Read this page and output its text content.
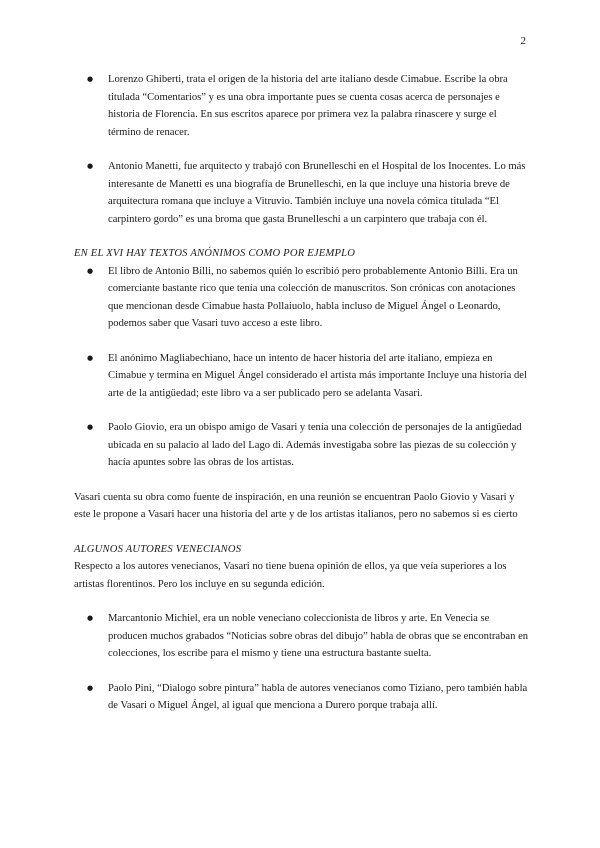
2
● Lorenzo Ghiberti, trata el origen de la historia del arte italiano desde Cimabue. Escribe la obra titulada “Comentarios” y es una obra importante pues se cuenta cosas acerca de personajes e historia de Florencia. En sus escritos aparece por primera vez la palabra rinascere y surge el término de renacer.
● Antonio Manetti, fue arquitecto y trabajó con Brunelleschi en el Hospital de los Inocentes. Lo más interesante de Manetti es una biografía de Brunelleschi, en la que incluye una historia breve de arquitectura romana que incluye a Vitruvio. También incluye una novela cómica titulada “El carpintero gordo” es una broma que gasta Brunelleschi a un carpintero que trabaja con él.

EN EL XVI HAY TEXTOS ANÓNIMOS COMO POR EJEMPLO

● El libro de Antonio Billi, no sabemos quién lo escribió pero probablemente Antonio Billi. Era un comerciante bastante rico que tenía una colección de manuscritos. Son crónicas con anotaciones que mencionan desde Cimabue hasta Pollaiuolo, habla incluso de Miguel Ángel o Leonardo, podemos saber que Vasari tuvo acceso a este libro.
● El anónimo Magliabechiano, hace un intento de hacer historia del arte italiano, empieza en Cimabue y termina en Miguel Ángel considerado el artista más importante Incluye una historia del arte de la antigüedad; este libro va a ser publicado pero se adelanta Vasari.
● Paolo Giovio, era un obispo amigo de Vasari y tenía una colección de personajes de la antigüedad ubicada en su palacio al lado del Lago di. Además investigaba sobre las piezas de su colección y hacía apuntes sobre las obras de los artistas.

Vasari cuenta su obra como fuente de inspiración, en una reunión se encuentran Paolo Giovio y Vasari y este le propone a Vasari hacer una historia del arte y de los artistas italianos, pero no sabemos si es cierto

ALGUNOS AUTORES VENECIANOS

Respecto a los autores venecianos, Vasari no tiene buena opinión de ellos, ya que veía superiores a los artistas florentinos. Pero los incluye en su segunda edición.

● Marcantonio Michiel, era un noble veneciano coleccionista de libros y arte. En Venecia se producen muchos grabados “Noticias sobre obras del dibujo” habla de obras que se encontraban en colecciones, los escribe para el mismo y tiene una estructura bastante suelta.
● Paolo Pini, “Dialogo sobre pintura” habla de autores venecianos como Tiziano, pero también habla de Vasari o Miguel Ángel, al igual que menciona a Durero porque trabaja allí.
